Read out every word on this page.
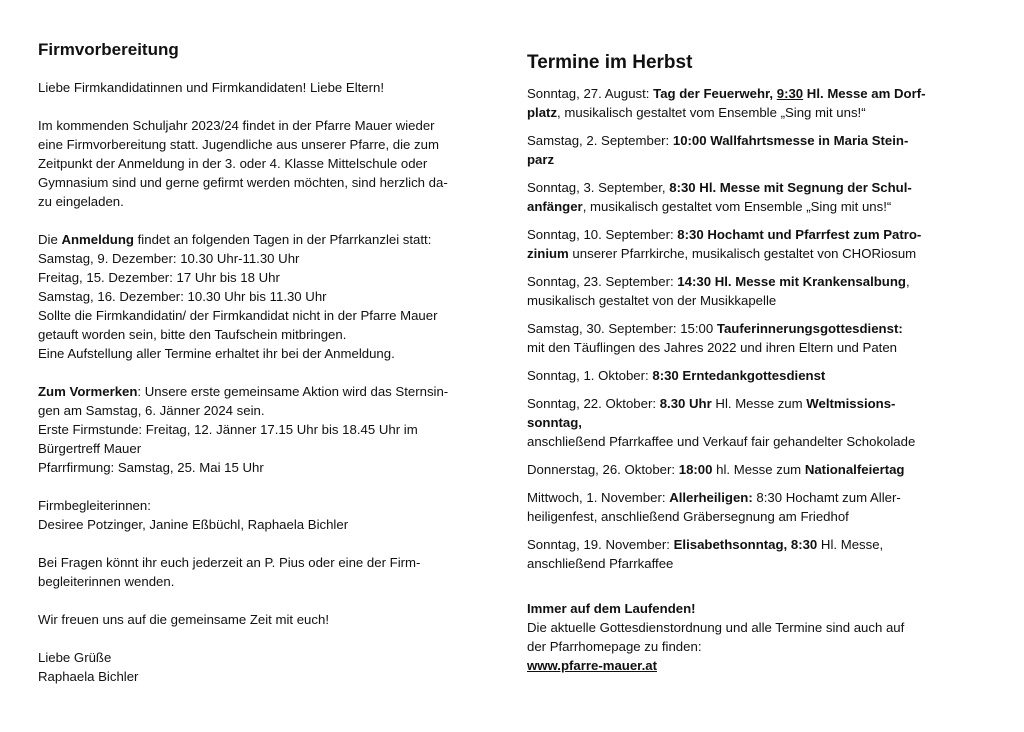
Firmvorbereitung

Liebe Firmkandidatinnen und Firmkandidaten! Liebe Eltern!

Im kommenden Schuljahr 2023/24 findet in der Pfarre Mauer wieder
eine Firmvorbereitung statt. Jugendliche aus unserer Pfarre, die zum
Zeitpunkt der Anmeldung in der 3. oder 4. Klasse Mittelschule oder
Gymnasium sind und gerne gefirmt werden möchten, sind herzlich da-
zu eingeladen.
Die Anmeldung findet an folgenden Tagen in der Pfarrkanzlei statt:
Samstag, 9. Dezember: 10.30 Uhr-11.30 Uhr
Freitag, 15. Dezember: 17 Uhr bis 18 Uhr
Samstag, 16. Dezember: 10.30 Uhr bis 11.30 Uhr
Sollte die Firmkandidatin/ der Firmkandidat nicht in der Pfarre Mauer
getauft worden sein, bitte den Taufschein mitbringen.
Eine Aufstellung aller Termine erhaltet ihr bei der Anmeldung.
Zum Vormerken: Unsere erste gemeinsame Aktion wird das Sternsin-
gen am Samstag, 6. Jänner 2024 sein.
Erste Firmstunde: Freitag, 12. Jänner 17.15 Uhr bis 18.45 Uhr im
Bürgertreff Mauer
Pfarrfirmung: Samstag, 25. Mai 15 Uhr
Firmbegleiterinnen:
Desiree Potzinger, Janine Eßbüchl, Raphaela Bichler
Bei Fragen könnt ihr euch jederzeit an P. Pius oder eine der Firm-
begleiterinnen wenden.

Wir freuen uns auf die gemeinsame Zeit mit euch!

Liebe Grüße
Raphaela Bichler
Termine im Herbst
Sonntag, 27. August: Tag der Feuerwehr, 9:30 Hl. Messe am Dorf-
platz, musikalisch gestaltet vom Ensemble „Sing mit uns!“
Samstag, 2. September: 10:00 Wallfahrtsmesse in Maria Stein-
parz
Sonntag, 3. September, 8:30 Hl. Messe mit Segnung der Schul-
anfänger, musikalisch gestaltet vom Ensemble „Sing mit uns!“
Sonntag, 10. September: 8:30 Hochamt und Pfarrfest zum Patro-
zinium unserer Pfarrkirche, musikalisch gestaltet von CHORiosum
Sonntag, 23. September: 14:30 Hl. Messe mit Krankensalbung,
musikalisch gestaltet von der Musikkapelle
Samstag, 30. September: 15:00 Tauferinnerungsgottesdienst:
mit den Täuflingen des Jahres 2022 und ihren Eltern und Paten
Sonntag, 1. Oktober: 8:30 Erntedankgottesdienst
Sonntag, 22. Oktober: 8.30 Uhr Hl. Messe zum Weltmissions-
sonntag,
anschließend Pfarrkaffee und Verkauf fair gehandelter Schokolade
Donnerstag, 26. Oktober: 18:00 hl. Messe zum Nationalfeiertag
Mittwoch, 1. November: Allerheiligen: 8:30 Hochamt zum Aller-
heiligenfest, anschließend Gräbersegnung am Friedhof
Sonntag, 19. November: Elisabethsonntag, 8:30 Hl. Messe,
anschließend Pfarrkaffee
Immer auf dem Laufenden!
Die aktuelle Gottesdienstordnung und alle Termine sind auch auf
der Pfarrhomepage zu finden:
www.pfarre-mauer.at
